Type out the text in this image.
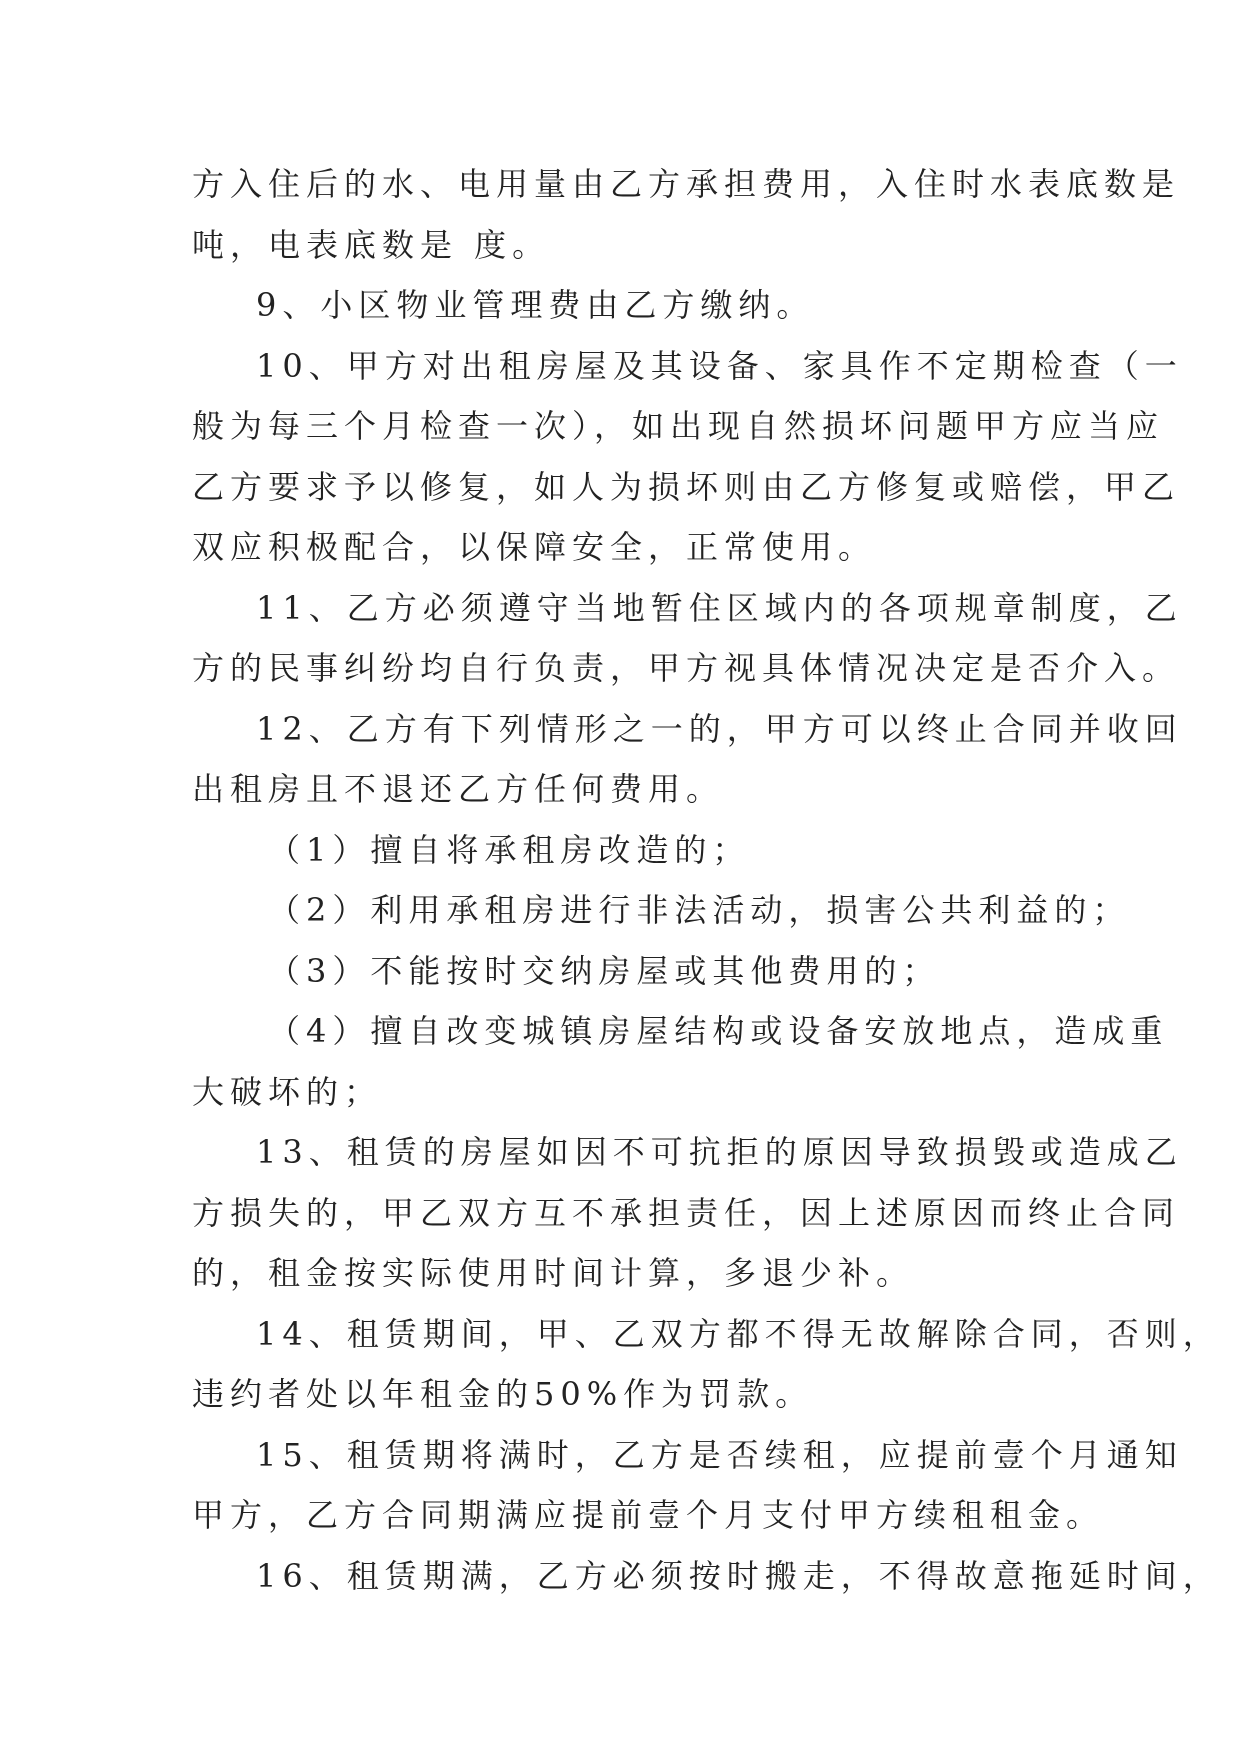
方入住后的水、电用量由乙方承担费用，入住时水表底数是
吨，电表底数是 度。
9、小区物业管理费由乙方缴纳。
10、甲方对出租房屋及其设备、家具作不定期检查（一
般为每三个月检查一次），如出现自然损坏问题甲方应当应
乙方要求予以修复，如人为损坏则由乙方修复或赔偿，甲乙
双应积极配合，以保障安全，正常使用。
11、乙方必须遵守当地暂住区域内的各项规章制度，乙
方的民事纠纷均自行负责，甲方视具体情况决定是否介入。
12、乙方有下列情形之一的，甲方可以终止合同并收回
出租房且不退还乙方任何费用。
（1）擅自将承租房改造的；
（2）利用承租房进行非法活动，损害公共利益的；
（3）不能按时交纳房屋或其他费用的；
（4）擅自改变城镇房屋结构或设备安放地点，造成重
大破坏的；
13、租赁的房屋如因不可抗拒的原因导致损毁或造成乙
方损失的，甲乙双方互不承担责任，因上述原因而终止合同
的，租金按实际使用时间计算，多退少补。
14、租赁期间，甲、乙双方都不得无故解除合同，否则，
违约者处以年租金的50%作为罚款。
15、租赁期将满时，乙方是否续租，应提前壹个月通知
甲方，乙方合同期满应提前壹个月支付甲方续租租金。
16、租赁期满，乙方必须按时搬走，不得故意拖延时间，
